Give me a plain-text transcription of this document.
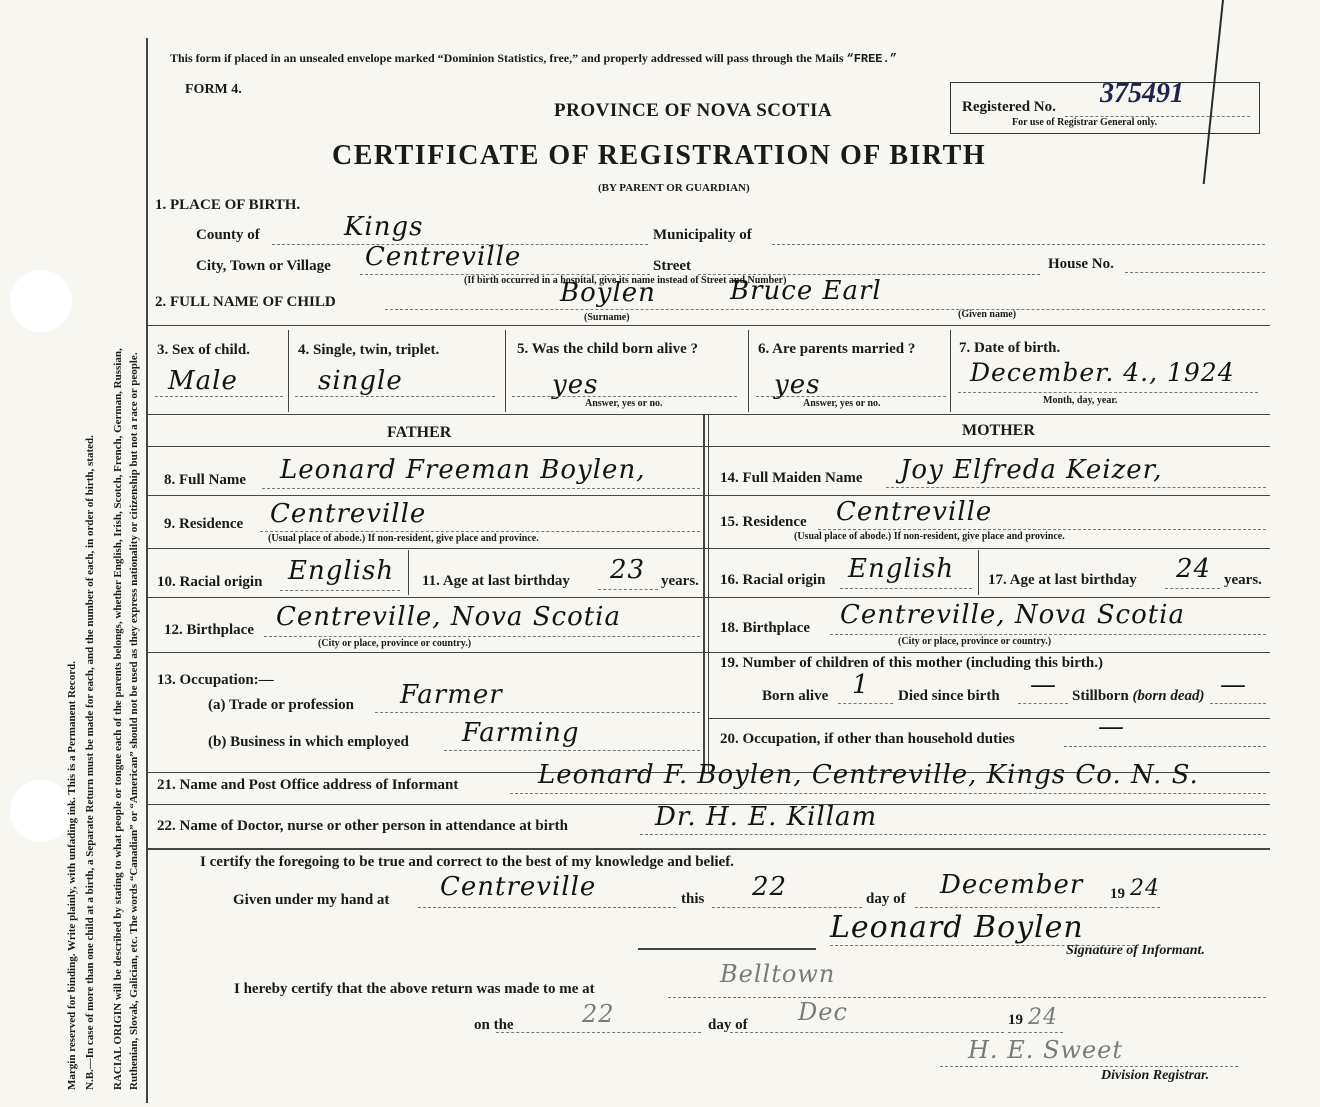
Margin reserved for binding. Write plainly, with unfading ink. This is a Permanent Record. N.B.—In case of more than one child at a birth, a Separate Return must be made for each, and the number of each, in order of birth, stated. RACIAL ORIGIN will be described by stating to what people or tongue each of the parents belongs, whether English, Irish, Scotch, French, German, Russian, Ruthenian, Slovak, Galician, etc. The words “Canadian” or “American” should not be used as they express nationality or citizenship but not a race or people.
This form if placed in an unsealed envelope marked “Dominion Statistics, free,” and properly addressed will pass through the Mails “FREE.”
FORM 4.
PROVINCE OF NOVA SCOTIA
CERTIFICATE OF REGISTRATION OF BIRTH
(BY PARENT OR GUARDIAN)
Registered No. 375491
For use of Registrar General only.
1. PLACE OF BIRTH.
County of	Kings	Municipality of
City, Town or Village Centreville	Street	House No.
(If birth occurred in a hospital, give its name instead of Street and Number)
2. FULL NAME OF CHILD	Boylen	Bruce Earl
(Surname)	(Given name)
3. Sex of child.
Male
4. Single, twin, triplet.
single
5. Was the child born alive ?
yes
Answer, yes or no.
6. Are parents married ?
yes
Answer, yes or no.
7. Date of birth.
December. 4., 1924
Month, day, year.
FATHER	MOTHER
8. Full Name Leonard Freeman Boylen,	14. Full Maiden Name Joy Elfreda Keizer,
9. Residence Centreville
(Usual place of abode.) If non-resident, give place and province.
15. Residence Centreville
(Usual place of abode.) If non-resident, give place and province.
10. Racial origin English 11. Age at last birthday 23 years. 16. Racial origin English 17. Age at last birthday 24 years.
12. Birthplace Centreville, Nova Scotia
(City or place, province or country.)
18. Birthplace Centreville, Nova Scotia
(City or place, province or country.)
13. Occupation:—
(a) Trade or profession Farmer
(b) Business in which employed Farming
19. Number of children of this mother (including this birth.)
Born alive 1 Died since birth — Stillborn (born dead) —
20. Occupation, if other than household duties	—
21. Name and Post Office address of Informant	Leonard F. Boylen, Centreville, Kings Co. N. S.
22. Name of Doctor, nurse or other person in attendance at birth	Dr. H. E. Killam
I certify the foregoing to be true and correct to the best of my knowledge and belief.
Given under my hand at Centreville	this 22	day of December 19 24
Leonard Boylen
Signature of Informant.
I hereby certify that the above return was made to me at
Belltown
on the	22	day of Dec	19 24
H. E. Sweet
Division Registrar.
